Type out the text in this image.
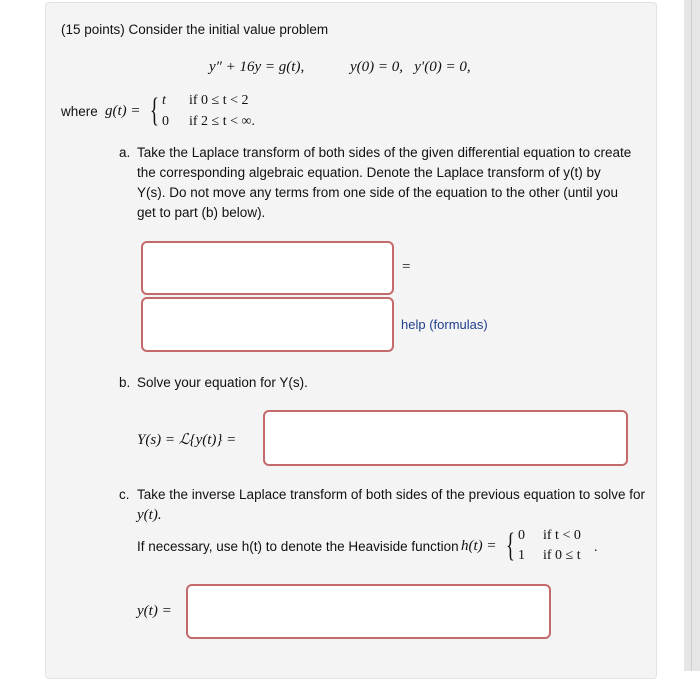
(15 points) Consider the initial value problem
y″ + 16y = g(t),	y(0) = 0,   y′(0) = 0,
where g(t) = { t if 0 ≤ t < 2
0 if 2 ≤ t < ∞.
a. Take the Laplace transform of both sides of the given differential equation to create
the corresponding algebraic equation. Denote the Laplace transform of y(t) by
Y(s). Do not move any terms from one side of the equation to the other (until you
get to part (b) below).
=
help (formulas)
b. Solve your equation for Y(s).
Y(s) = ℒ{y(t)} =
c. Take the inverse Laplace transform of both sides of the previous equation to solve for
y(t).
If necessary, use h(t) to denote the Heaviside function h(t) = { 0 if t < 0
1 if 0 ≤ t
.
y(t) =
